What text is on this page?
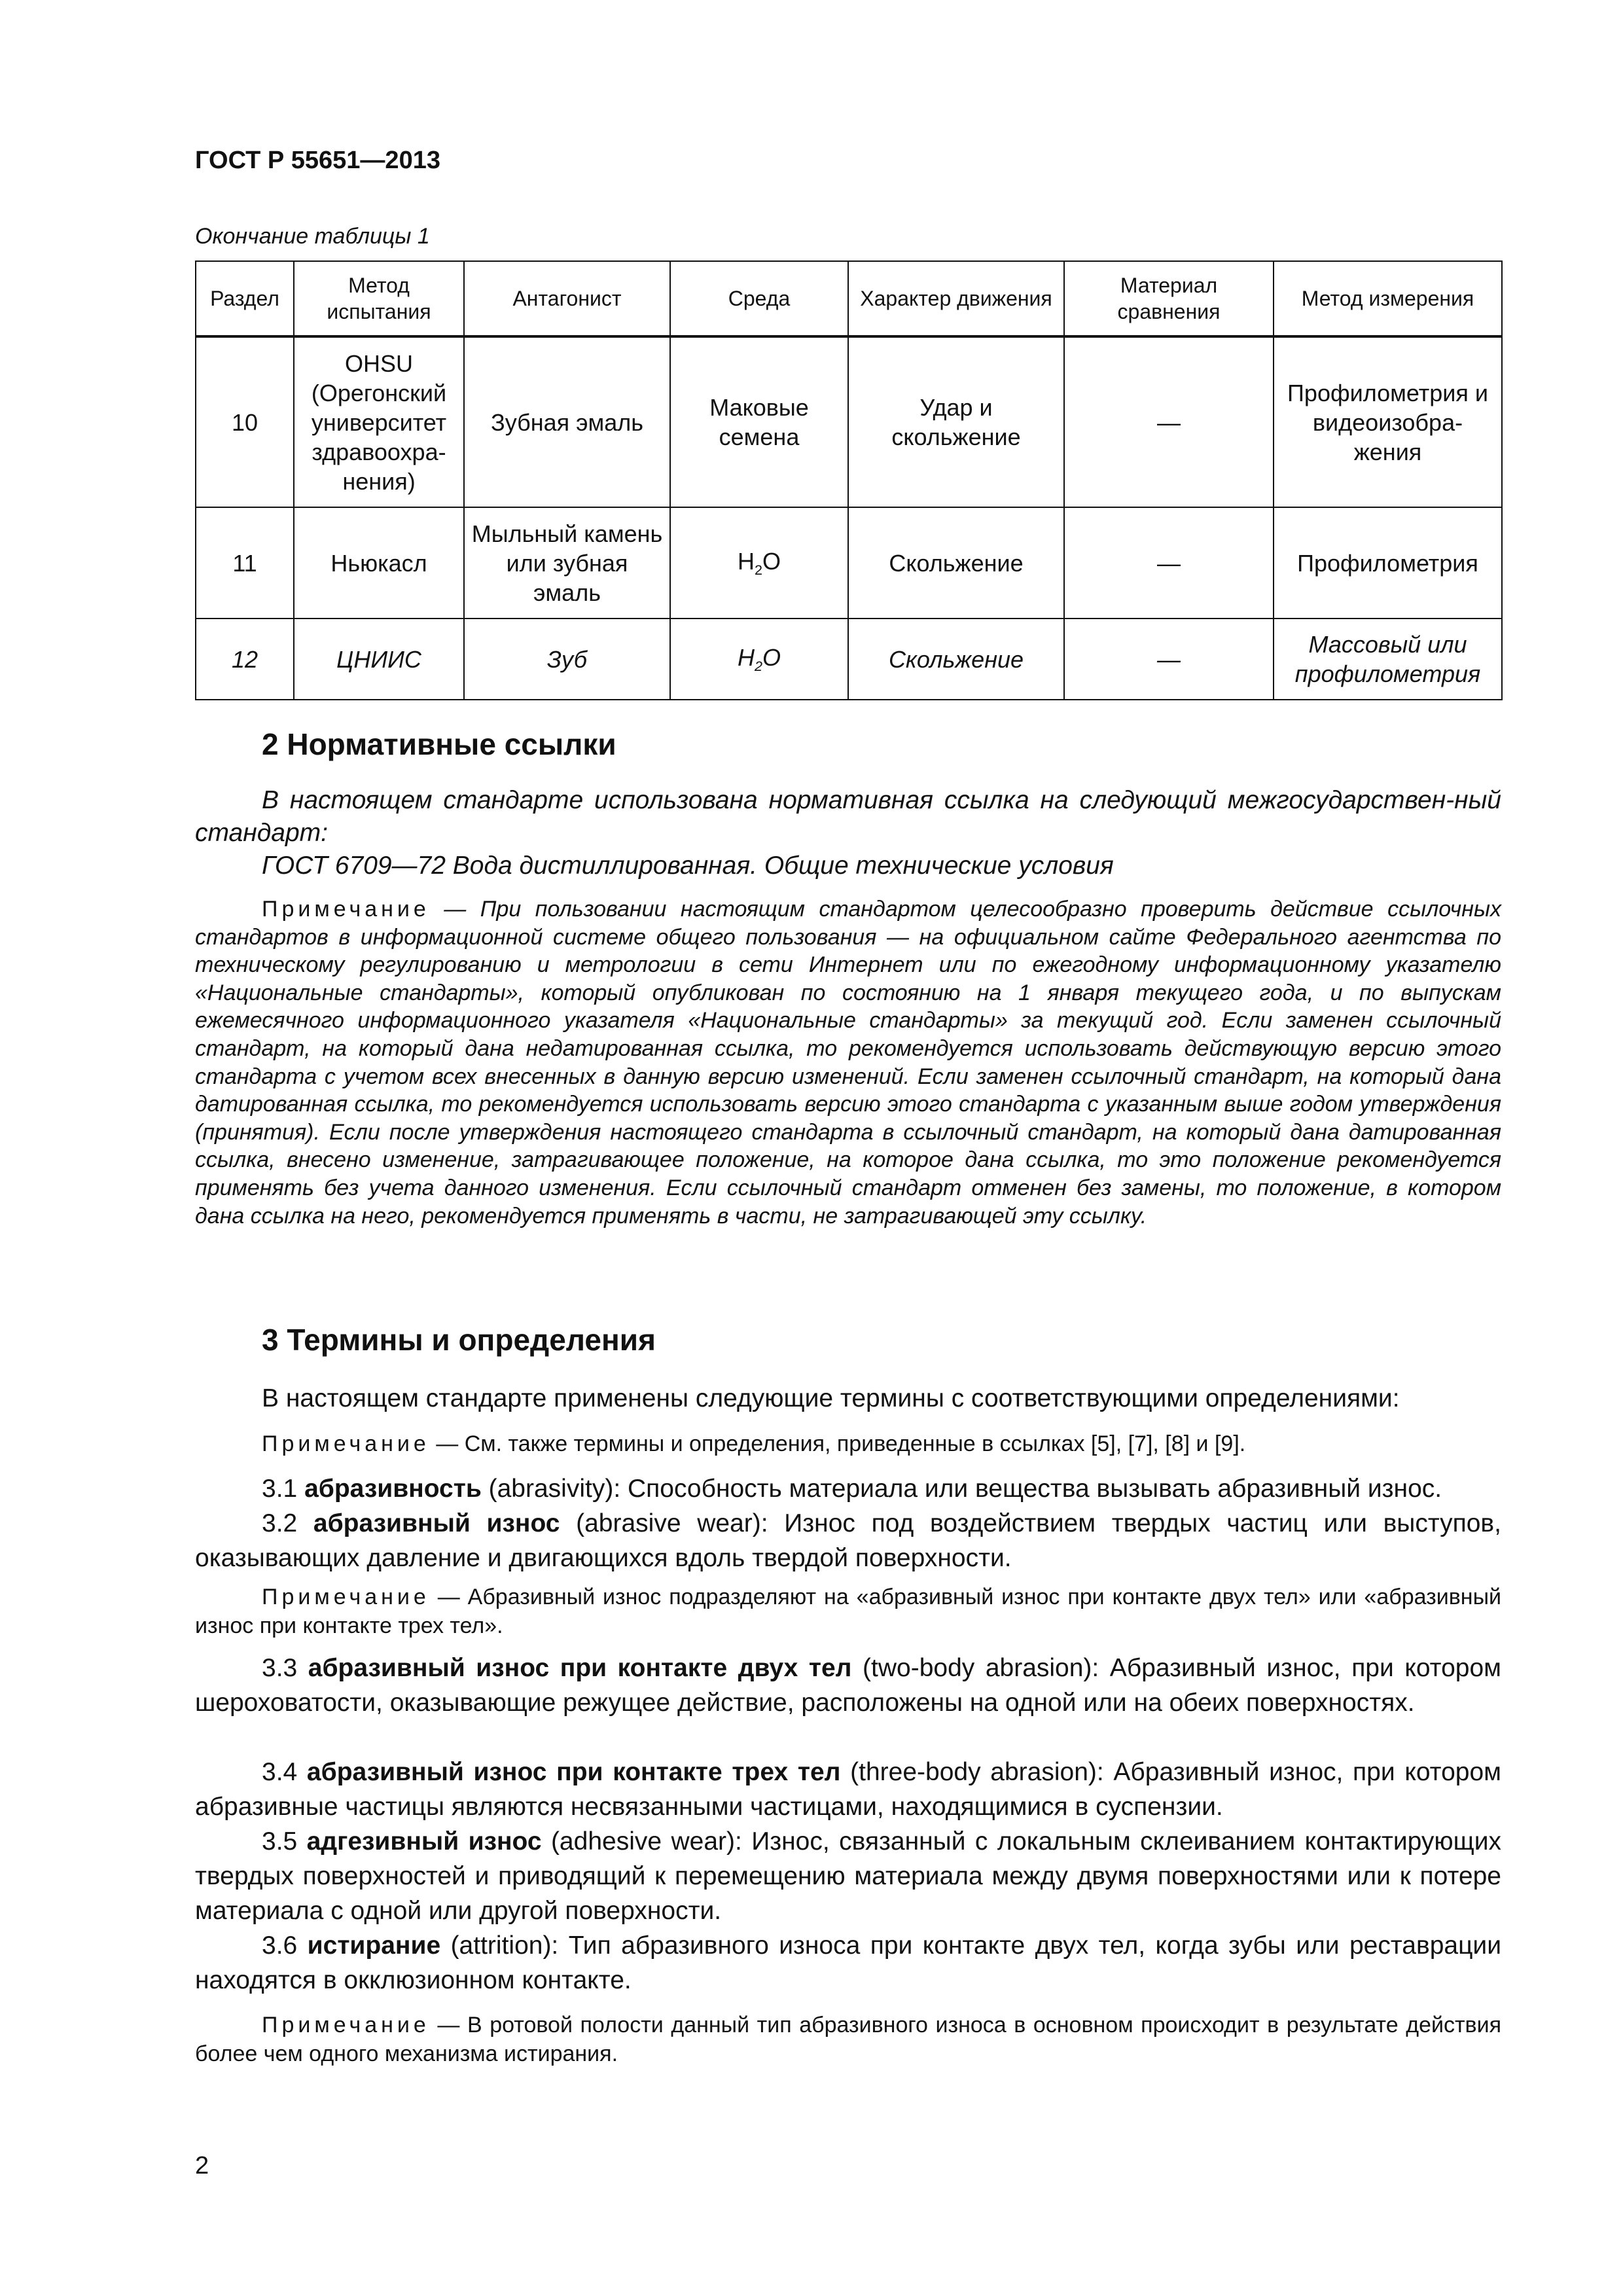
ГОСТ Р 55651—2013
Окончание таблицы 1
Раздел	Метод испытания	Антагонист	Среда	Характер движения	Материал сравнения	Метод измерения
10	OHSU (Орегонский университет здравоохра-нения)	Зубная эмаль	Маковые семена	Удар и скольжение	—	Профилометрия и видеоизобра-жения
11	Ньюкасл	Мыльный камень или зубная эмаль	$H_2O$	Скольжение	—	Профилометрия
12	ЦНИИС	Зуб	$H_2O$	Скольжение	—	Массовый или профилометрия
2 Нормативные ссылки

В настоящем стандарте использована нормативная ссылка на следующий межгосударствен-ный стандарт:

ГОСТ 6709—72 Вода дистиллированная. Общие технические условия

Примечание — При пользовании настоящим стандартом целесообразно проверить действие ссылочных стандартов в информационной системе общего пользования — на официальном сайте Федерального агентства по техническому регулированию и метрологии в сети Интернет или по ежегодному информационному указателю «Национальные стандарты», который опубликован по состоянию на 1 января текущего года, и по выпускам ежемесячного информационного указателя «Национальные стандарты» за текущий год. Если заменен ссылочный стандарт, на который дана недатированная ссылка, то рекомендуется использовать действующую версию этого стандарта с учетом всех внесенных в данную версию изменений. Если заменен ссылочный стандарт, на который дана датированная ссылка, то рекомендуется использовать версию этого стандарта с указанным выше годом утверждения (принятия). Если после утверждения настоящего стандарта в ссылочный стандарт, на который дана датированная ссылка, внесено изменение, затрагивающее положение, на которое дана ссылка, то это положение рекомендуется применять без учета данного изменения. Если ссылочный стандарт отменен без замены, то положение, в котором дана ссылка на него, рекомендуется применять в части, не затрагивающей эту ссылку.

3 Термины и определения

В настоящем стандарте применены следующие термины с соответствующими определениями:

Примечание — См. также термины и определения, приведенные в ссылках [5], [7], [8] и [9].

3.1 абразивность (abrasivity): Способность материала или вещества вызывать абразивный износ.

3.2 абразивный износ (abrasive wear): Износ под воздействием твердых частиц или выступов, оказывающих давление и двигающихся вдоль твердой поверхности.

Примечание — Абразивный износ подразделяют на «абразивный износ при контакте двух тел» или «абразивный износ при контакте трех тел».

3.3 абразивный износ при контакте двух тел (two-body abrasion): Абразивный износ, при котором шероховатости, оказывающие режущее действие, расположены на одной или на обеих поверхностях.

3.4 абразивный износ при контакте трех тел (three-body abrasion): Абразивный износ, при котором абразивные частицы являются несвязанными частицами, находящимися в суспензии.

3.5 адгезивный износ (adhesive wear): Износ, связанный с локальным склеиванием контактирующих твердых поверхностей и приводящий к перемещению материала между двумя поверхностями или к потере материала с одной или другой поверхности.

3.6 истирание (attrition): Тип абразивного износа при контакте двух тел, когда зубы или реставрации находятся в окклюзионном контакте.

Примечание — В ротовой полости данный тип абразивного износа в основном происходит в результате действия более чем одного механизма истирания.

2
